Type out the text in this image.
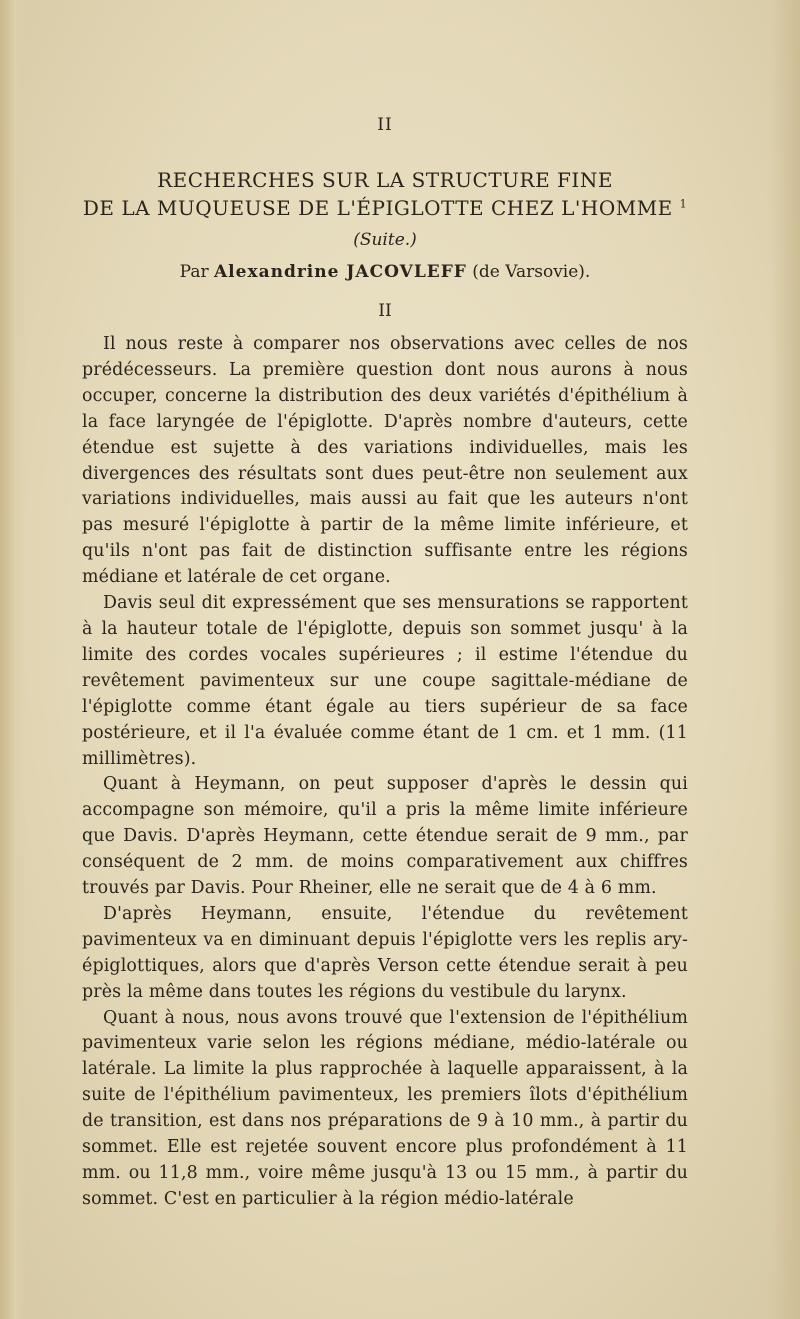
II
RECHERCHES SUR LA STRUCTURE FINE
DE LA MUQUEUSE DE L'ÉPIGLOTTE CHEZ L'HOMME $^1$
(Suite.)
Par Alexandrine JACOVLEFF (de Varsovie).
II

Il nous reste à comparer nos observations avec celles de nos prédécesseurs. La première question dont nous aurons à nous occuper, concerne la distribution des deux variétés d'épithélium à la face laryngée de l'épiglotte. D'après nombre d'auteurs, cette étendue est sujette à des variations individuelles, mais les divergences des résultats sont dues peut-être non seulement aux variations individuelles, mais aussi au fait que les auteurs n'ont pas mesuré l'épiglotte à partir de la même limite inférieure, et qu'ils n'ont pas fait de distinction suffisante entre les régions médiane et latérale de cet organe.

Davis seul dit expressément que ses mensurations se rapportent à la hauteur totale de l'épiglotte, depuis son sommet jusqu' à la limite des cordes vocales supérieures ; il estime l'étendue du revêtement pavimenteux sur une coupe sagittale-médiane de l'épiglotte comme étant égale au tiers supérieur de sa face postérieure, et il l'a évaluée comme étant de 1 cm. et 1 mm. (11 millimètres).

Quant à Heymann, on peut supposer d'après le dessin qui accompagne son mémoire, qu'il a pris la même limite inférieure que Davis. D'après Heymann, cette étendue serait de 9 mm., par conséquent de 2 mm. de moins comparativement aux chiffres trouvés par Davis. Pour Rheiner, elle ne serait que de 4 à 6 mm.

D'après Heymann, ensuite, l'étendue du revêtement pavimenteux va en diminuant depuis l'épiglotte vers les replis ary-épiglottiques, alors que d'après Verson cette étendue serait à peu près la même dans toutes les régions du vestibule du larynx.

Quant à nous, nous avons trouvé que l'extension de l'épithélium pavimenteux varie selon les régions médiane, médio-latérale ou latérale. La limite la plus rapprochée à laquelle apparaissent, à la suite de l'épithélium pavimenteux, les premiers îlots d'épithélium de transition, est dans nos préparations de 9 à 10 mm., à partir du sommet. Elle est rejetée souvent encore plus profondément à 11 mm. ou 11,8 mm., voire même jusqu'à 13 ou 15 mm., à partir du sommet. C'est en particulier à la région médio-latérale
